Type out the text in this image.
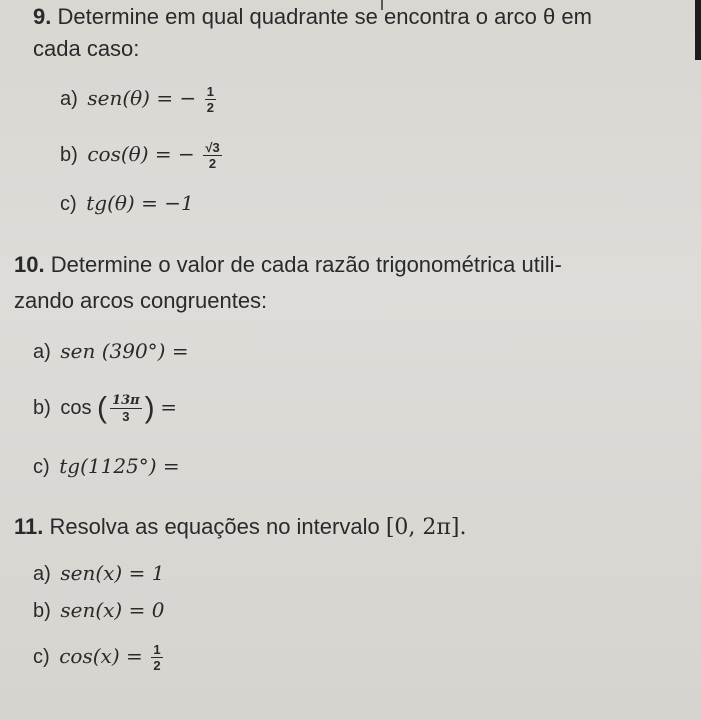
9. Determine em qual quadrante se encontra o arco θ em
cada caso:
a) sen(θ) = − $\frac{1}{2}$
b) cos(θ) = − $\frac{√3}{2}$
c) tg(θ) = −1
10. Determine o valor de cada razão trigonométrica utili-
zando arcos congruentes:
a) sen (390°) =
b) cos ( $\frac{13\pi}{3}$ ) =
c) tg(1125°) =
11. Resolva as equações no intervalo [0, 2π].
a) sen(x) = 1
b) sen(x) = 0
c) $\cos(x) = \frac{1}{2}$
